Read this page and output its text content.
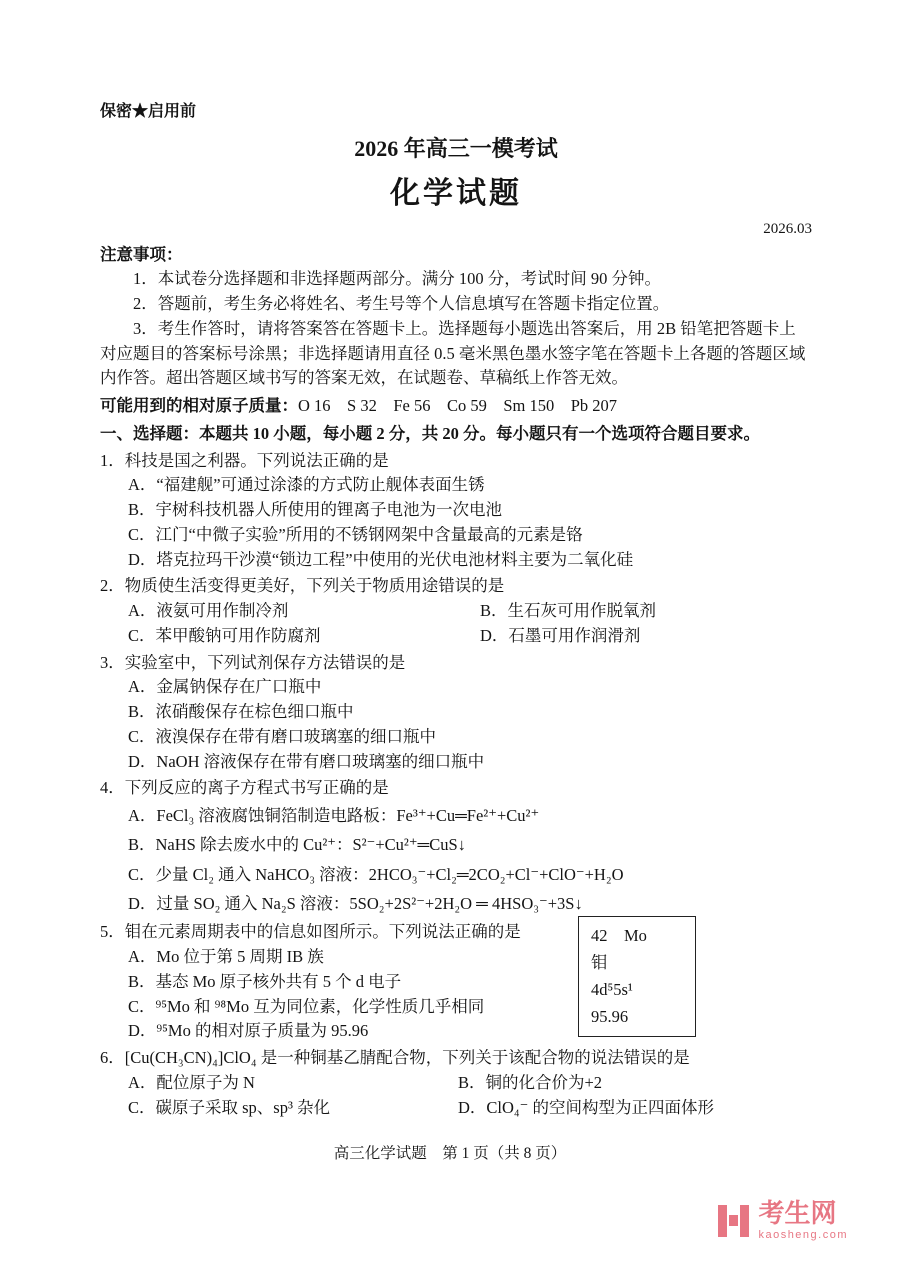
保密★启用前
2026 年高三一模考试
化学试题
2026.03
注意事项：

1．本试卷分选择题和非选择题两部分。满分 100 分，考试时间 90 分钟。

2．答题前，考生务必将姓名、考生号等个人信息填写在答题卡指定位置。

3．考生作答时，请将答案答在答题卡上。选择题每小题选出答案后，用 2B 铅笔把答题卡上对应题目的答案标号涂黑；非选择题请用直径 0.5 毫米黑色墨水签字笔在答题卡上各题的答题区域内作答。超出答题区域书写的答案无效，在试题卷、草稿纸上作答无效。

可能用到的相对原子质量：O 16　S 32　Fe 56　Co 59　Sm 150　Pb 207

一、选择题：本题共 10 小题，每小题 2 分，共 20 分。每小题只有一个选项符合题目要求。

1．科技是国之利器。下列说法正确的是

A．“福建舰”可通过涂漆的方式防止舰体表面生锈

B．宇树科技机器人所使用的锂离子电池为一次电池

C．江门“中微子实验”所用的不锈钢网架中含量最高的元素是铬

D．塔克拉玛干沙漠“锁边工程”中使用的光伏电池材料主要为二氧化硅

2．物质使生活变得更美好，下列关于物质用途错误的是

A．液氨可用作制冷剂	B．生石灰可用作脱氧剂

C．苯甲酸钠可用作防腐剂	D．石墨可用作润滑剂

3．实验室中，下列试剂保存方法错误的是

A．金属钠保存在广口瓶中

B．浓硝酸保存在棕色细口瓶中

C．液溴保存在带有磨口玻璃塞的细口瓶中

D．NaOH 溶液保存在带有磨口玻璃塞的细口瓶中

4．下列反应的离子方程式书写正确的是

A．FeCl₃ 溶液腐蚀铜箔制造电路板：Fe³⁺+Cu═Fe²⁺+Cu²⁺

B．NaHS 除去废水中的 Cu²⁺：S²⁻+Cu²⁺═CuS↓

C．少量 Cl₂ 通入 NaHCO₃ 溶液：2HCO₃⁻+Cl₂═2CO₂+Cl⁻+ClO⁻+H₂O

D．过量 SO₂ 通入 Na₂S 溶液：5SO₂+2S²⁻+2H₂O ═ 4HSO₃⁻+3S↓

5．钼在元素周期表中的信息如图所示。下列说法正确的是

A．Mo 位于第 5 周期 IB 族

B．基态 Mo 原子核外共有 5 个 d 电子

C．⁹⁵Mo 和 ⁹⁸Mo 互为同位素，化学性质几乎相同

D．⁹⁵Mo 的相对原子质量为 95.96

42　Mo
钼
4d⁵5s¹
95.96

6．[Cu(CH₃CN)₄]ClO₄ 是一种铜基乙腈配合物，下列关于该配合物的说法错误的是

A．配位原子为 N	B．铜的化合价为+2

C．碳原子采取 sp、sp³ 杂化	D．ClO₄⁻ 的空间构型为正四面体形

高三化学试题　第 1 页（共 8 页）
考生网
kaosheng.com
